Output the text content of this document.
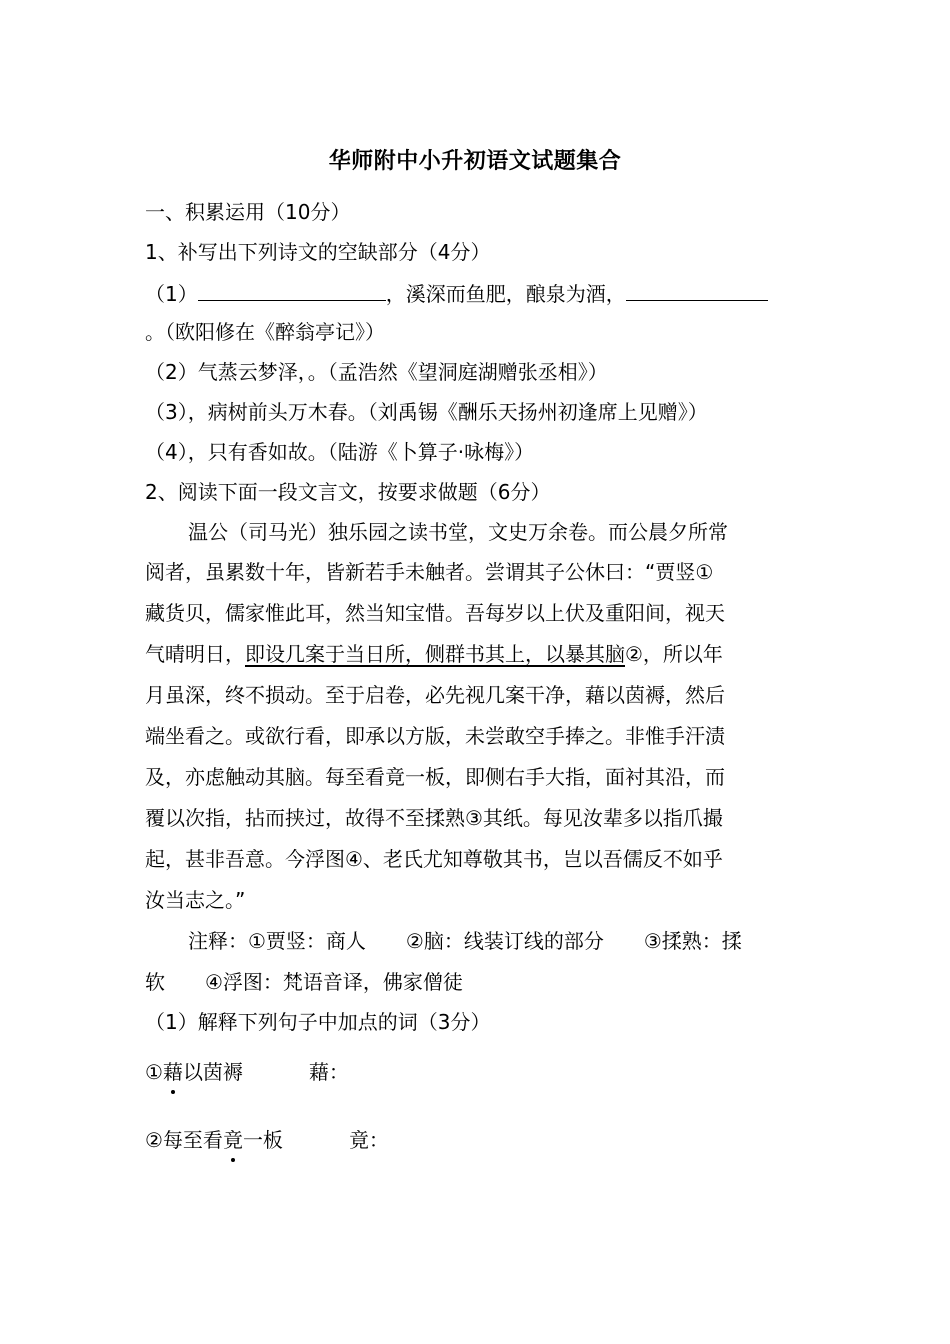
华师附中小升初语文试题集合
一、积累运用（10分）
1、补写出下列诗文的空缺部分（4分）
（1）	，溪深而鱼肥，酿泉为酒，
。（欧阳修在《醉翁亭记》）
（2）气蒸云梦泽，。（孟浩然《望洞庭湖赠张丞相》）
（3），病树前头万木春。（刘禹锡《酬乐天扬州初逢席上见赠》）
（4），只有香如故。（陆游《卜算子·咏梅》）
2、阅读下面一段文言文，按要求做题（6分）
温公（司马光）独乐园之读书堂，文史万余卷。而公晨夕所常
阅者，虽累数十年，皆新若手未触者。尝谓其子公休曰：“贾竖①
藏货贝，儒家惟此耳，然当知宝惜。吾每岁以上伏及重阳间，视天
气晴明日，即设几案于当日所，侧群书其上，以暴其脑②，所以年
月虽深，终不损动。至于启卷，必先视几案干净，藉以茵褥，然后
端坐看之。或欲行看，即承以方版，未尝敢空手捧之。非惟手汗渍
及，亦虑触动其脑。每至看竟一板，即侧右手大指，面衬其沿，而
覆以次指，拈而挟过，故得不至揉熟③其纸。每见汝辈多以指爪撮
起，甚非吾意。今浮图④、老氏尤知尊敬其书，岂以吾儒反不如乎
汝当志之。”
注释：①贾竖：商人　　②脑：线装订线的部分　　③揉熟：揉
软　　④浮图：梵语音译，佛家僧徒
（1）解释下列句子中加点的词（3分）
①藉以茵褥	藉：
②每至看竟一板	竟：
